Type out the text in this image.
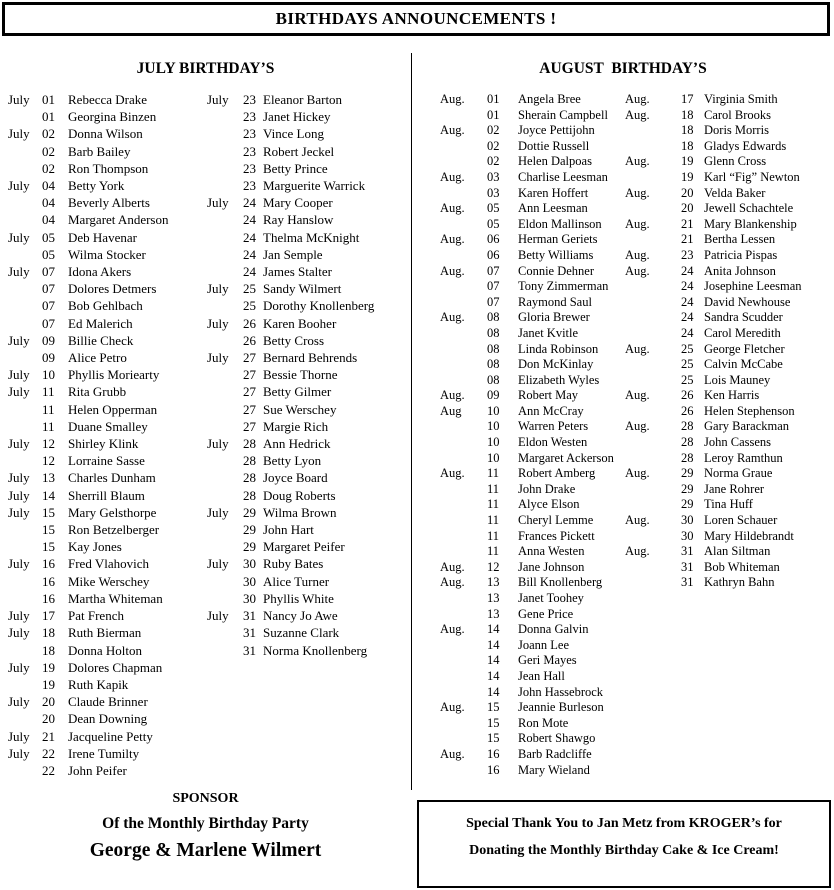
BIRTHDAYS ANNOUNCEMENTS !
JULY BIRTHDAY’S
July 01	Rebecca Drake
01	Georgina Binzen
July 02	Donna Wilson
02	Barb Bailey
02	Ron Thompson
July 04	Betty York
04	Beverly Alberts
04	Margaret Anderson
July 05	Deb Havenar
05	Wilma Stocker
July 07	Idona Akers
07	Dolores Detmers
07	Bob Gehlbach
07	Ed Malerich
July 09	Billie Check
09	Alice Petro
July 10	Phyllis Moriearty
July 11	Rita Grubb
11	Helen Opperman
11	Duane Smalley
July 12	Shirley Klink
12	Lorraine Sasse
July 13	Charles Dunham
July 14	Sherrill Blaum
July 15	Mary Gelsthorpe
15	Ron Betzelberger
15	Kay Jones
July 16	Fred Vlahovich
16	Mike Werschey
16	Martha Whiteman
July 17	Pat French
July 18	Ruth Bierman
18	Donna Holton
July 19	Dolores Chapman
19	Ruth Kapik
July 20	Claude Brinner
20	Dean Downing
July 21	Jacqueline Petty
July 22	Irene Tumilty
22	John Peifer
July	23 Eleanor Barton
23 Janet Hickey
23 Vince Long
23 Robert Jeckel
23 Betty Prince
23 Marguerite Warrick
July	24 Mary Cooper
24 Ray Hanslow
24 Thelma McKnight
24 Jan Semple
24 James Stalter
July	25 Sandy Wilmert
25 Dorothy Knollenberg
July	26 Karen Booher
26 Betty Cross
July	27 Bernard Behrends
27 Bessie Thorne
27 Betty Gilmer
27 Sue Werschey
27 Margie Rich
July	28 Ann Hedrick
28 Betty Lyon
28 Joyce Board
28 Doug Roberts
July	29 Wilma Brown
29 John Hart
29 Margaret Peifer
July	30 Ruby Bates
30 Alice Turner
30 Phyllis White
July	31 Nancy Jo Awe
31 Suzanne Clark
31 Norma Knollenberg
AUGUST  BIRTHDAY’S
Aug.	01	Angela Bree
01	Sherain Campbell
Aug.	02	Joyce Pettijohn
02	Dottie Russell
02	Helen Dalpoas
Aug.	03	Charlise Leesman
03	Karen Hoffert
Aug.	05	Ann Leesman
05	Eldon Mallinson
Aug.	06	Herman Geriets
06	Betty Williams
Aug.	07	Connie Dehner
07	Tony Zimmerman
07	Raymond Saul
Aug.	08	Gloria Brewer
08	Janet Kvitle
08	Linda Robinson
08	Don McKinlay
08	Elizabeth Wyles
Aug.	09	Robert May
Aug	10	Ann McCray
10	Warren Peters
10	Eldon Westen
10	Margaret Ackerson
Aug.	11	Robert Amberg
11	John Drake
11	Alyce Elson
11	Cheryl Lemme
11	Frances Pickett
11	Anna Westen
Aug.	12	Jane Johnson
Aug.	13	Bill Knollenberg
13	Janet Toohey
13	Gene Price
Aug.	14	Donna Galvin
14	Joann Lee
14	Geri Mayes
14	Jean Hall
14	John Hassebrock
Aug.	15	Jeannie Burleson
15	Ron Mote
15	Robert Shawgo
Aug.	16	Barb Radcliffe
16	Mary Wieland
Aug.	17 Virginia Smith
Aug.	18 Carol Brooks
18 Doris Morris
18 Gladys Edwards
Aug.	19 Glenn Cross
19 Karl “Fig” Newton
Aug.	20 Velda Baker
20 Jewell Schachtele
Aug.	21 Mary Blankenship
21 Bertha Lessen
Aug.	23 Patricia Pispas
Aug.	24 Anita Johnson
24 Josephine Leesman
24 David Newhouse
24 Sandra Scudder
24 Carol Meredith
Aug.	25 George Fletcher
25 Calvin McCabe
25 Lois Mauney
Aug.	26 Ken Harris
26 Helen Stephenson
Aug.	28 Gary Barackman
28 John Cassens
28 Leroy Ramthun
Aug.	29 Norma Graue
29 Jane Rohrer
29 Tina Huff
Aug.	30 Loren Schauer
30 Mary Hildebrandt
Aug.	31 Alan Siltman
31 Bob Whiteman
31 Kathryn Bahn
SPONSOR
Of the Monthly Birthday Party
George & Marlene Wilmert
Special Thank You to Jan Metz from KROGER’s for
Donating the Monthly Birthday Cake & Ice Cream!
